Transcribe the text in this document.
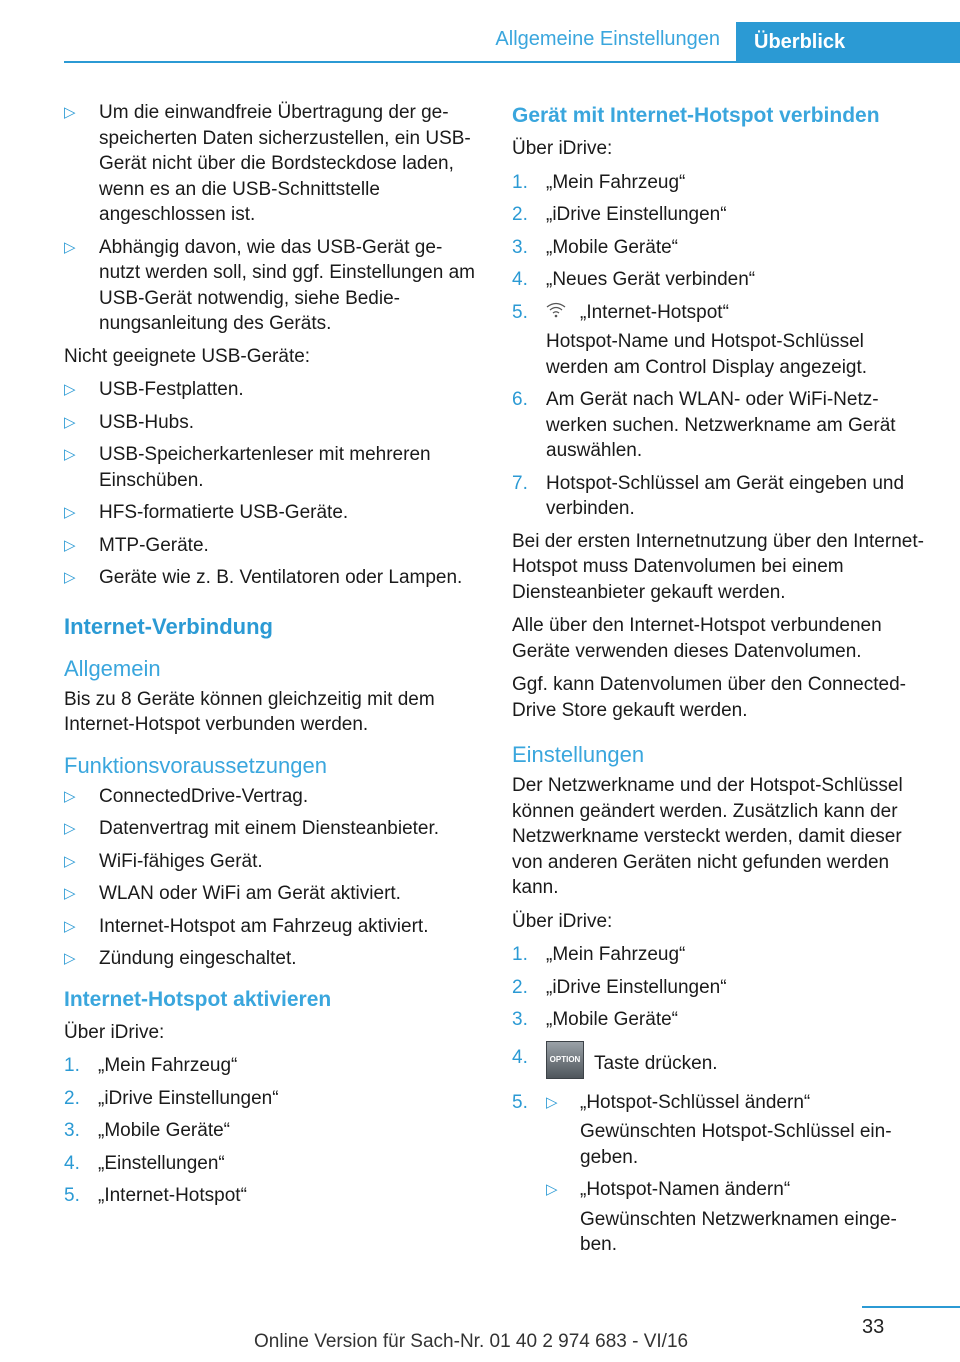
Allgemeine Einstellungen	Überblick
▷ Um die einwandfreie Übertragung der gespeicherten Daten sicherzustellen, ein USB-Gerät nicht über die Bordsteckdose laden, wenn es an die USB-Schnittstelle angeschlossen ist.
▷ Abhängig davon, wie das USB-Gerät genutzt werden soll, sind ggf. Einstellungen am USB-Gerät notwendig, siehe Bedienungsanleitung des Geräts.
Nicht geeignete USB-Geräte:
▷ USB-Festplatten.
▷ USB-Hubs.
▷ USB-Speicherkartenleser mit mehreren Einschüben.
▷ HFS-formatierte USB-Geräte.
▷ MTP-Geräte.
▷ Geräte wie z. B. Ventilatoren oder Lampen.
Internet-Verbindung
Allgemein
Bis zu 8 Geräte können gleichzeitig mit dem Internet-Hotspot verbunden werden.
Funktionsvoraussetzungen
▷ ConnectedDrive-Vertrag.
▷ Datenvertrag mit einem Diensteanbieter.
▷ WiFi-fähiges Gerät.
▷ WLAN oder WiFi am Gerät aktiviert.
▷ Internet-Hotspot am Fahrzeug aktiviert.
▷ Zündung eingeschaltet.
Internet-Hotspot aktivieren
Über iDrive:
1. „Mein Fahrzeug“
2. „iDrive Einstellungen“
3. „Mobile Geräte“
4. „Einstellungen“
5. „Internet-Hotspot“
Gerät mit Internet-Hotspot verbinden
Über iDrive:
1. „Mein Fahrzeug“
2. „iDrive Einstellungen“
3. „Mobile Geräte“
4. „Neues Gerät verbinden“
5.	„Internet-Hotspot“
Hotspot-Name und Hotspot-Schlüssel werden am Control Display angezeigt.
6. Am Gerät nach WLAN- oder WiFi-Netzwerken suchen. Netzwerkname am Gerät auswählen.
7. Hotspot-Schlüssel am Gerät eingeben und verbinden.
Bei der ersten Internetnutzung über den Internet-Hotspot muss Datenvolumen bei einem Diensteanbieter gekauft werden.
Alle über den Internet-Hotspot verbundenen Geräte verwenden dieses Datenvolumen.
Ggf. kann Datenvolumen über den ConnectedDrive Store gekauft werden.
Einstellungen
Der Netzwerkname und der Hotspot-Schlüssel können geändert werden. Zusätzlich kann der Netzwerkname versteckt werden, damit dieser von anderen Geräten nicht gefunden werden kann.
Über iDrive:
1. „Mein Fahrzeug“
2. „iDrive Einstellungen“
3. „Mobile Geräte“
4.	OPTION Taste drücken.
5. ▷ „Hotspot-Schlüssel ändern“
Gewünschten Hotspot-Schlüssel eingeben.
▷ „Hotspot-Namen ändern“
Gewünschten Netzwerknamen eingeben.
33
Online Version für Sach-Nr. 01 40 2 974 683 - VI/16
